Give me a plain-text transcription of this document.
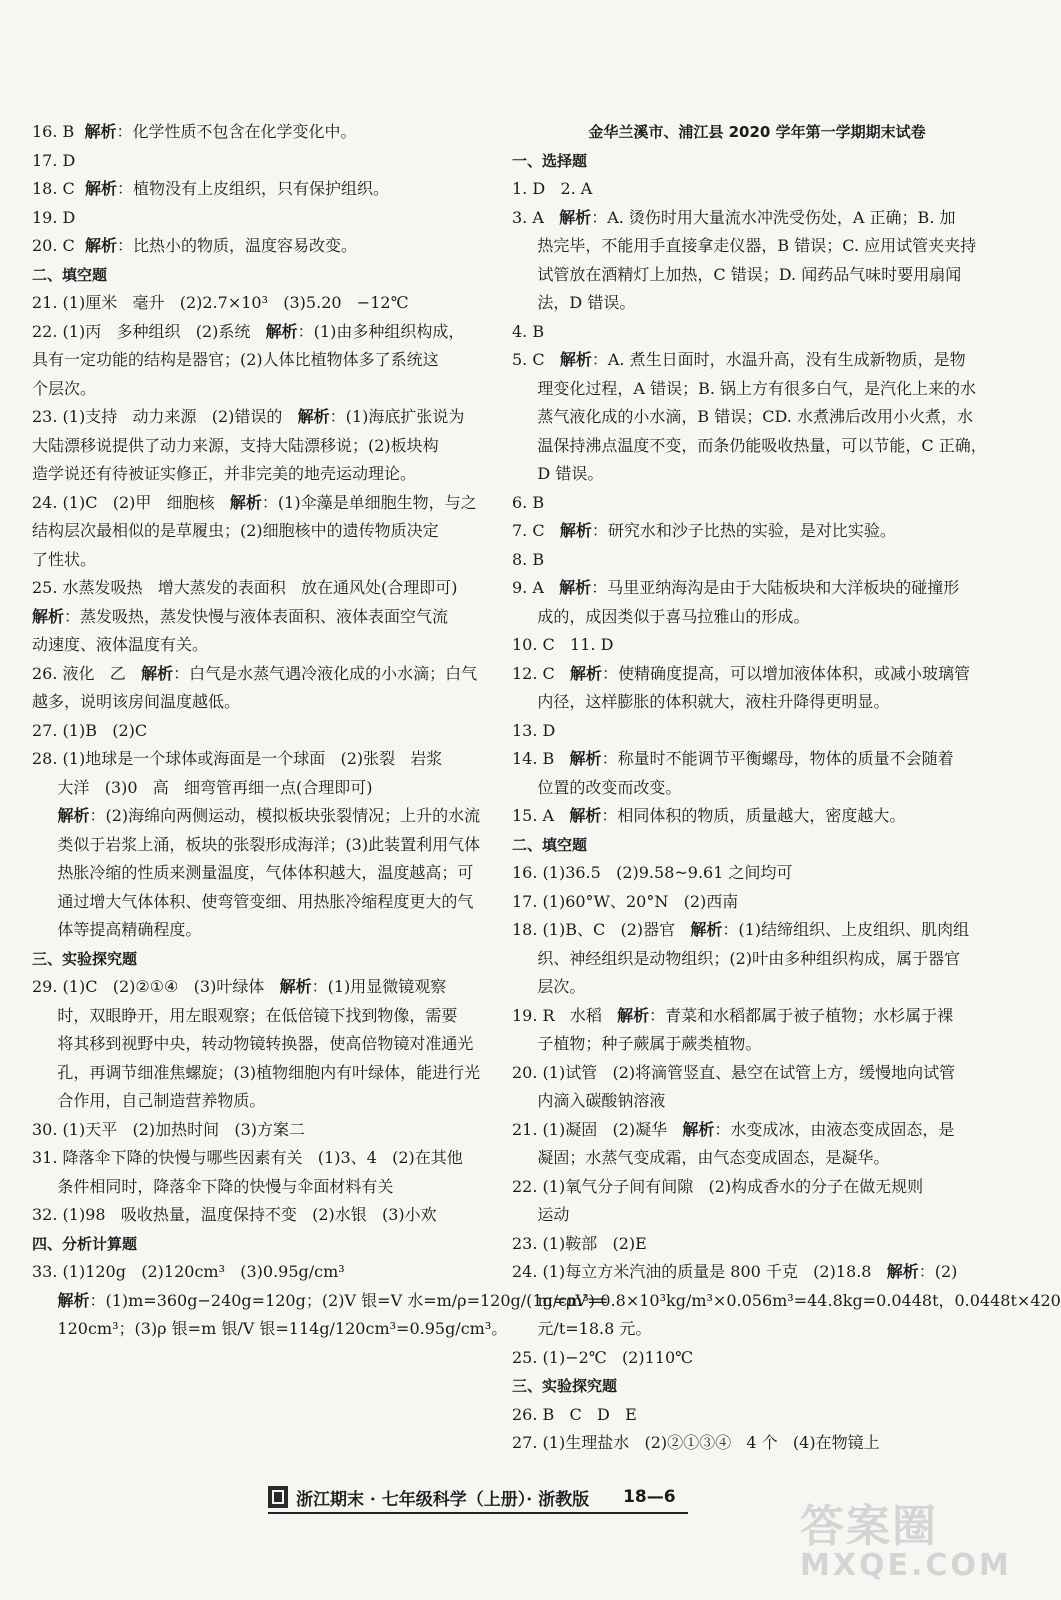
16. B  解析：化学性质不包含在化学变化中。
17. D
18. C  解析：植物没有上皮组织，只有保护组织。
19. D
20. C  解析：比热小的物质，温度容易改变。
二、填空题
21. (1)厘米   毫升   (2)2.7×10³   (3)5.20   −12℃
22. (1)丙   多种组织   (2)系统   解析：(1)由多种组织构成，
具有一定功能的结构是器官；(2)人体比植物体多了系统这
个层次。
23. (1)支持   动力来源   (2)错误的   解析：(1)海底扩张说为
大陆漂移说提供了动力来源，支持大陆漂移说；(2)板块构
造学说还有待被证实修正，并非完美的地壳运动理论。
24. (1)C   (2)甲   细胞核   解析：(1)伞藻是单细胞生物，与之
结构层次最相似的是草履虫；(2)细胞核中的遗传物质决定
了性状。
25. 水蒸发吸热   增大蒸发的表面积   放在通风处(合理即可)
解析：蒸发吸热，蒸发快慢与液体表面积、液体表面空气流
动速度、液体温度有关。
26. 液化   乙   解析：白气是水蒸气遇冷液化成的小水滴；白气
越多，说明该房间温度越低。
27. (1)B   (2)C
28. (1)地球是一个球体或海面是一个球面   (2)张裂   岩浆
大洋   (3)0   高   细弯管再细一点(合理即可)
解析：(2)海绵向两侧运动，模拟板块张裂情况；上升的水流
类似于岩浆上涌，板块的张裂形成海洋；(3)此装置利用气体
热胀冷缩的性质来测量温度，气体体积越大，温度越高；可
通过增大气体体积、使弯管变细、用热胀冷缩程度更大的气
体等提高精确程度。
三、实验探究题
29. (1)C   (2)②①④   (3)叶绿体   解析：(1)用显微镜观察
时，双眼睁开，用左眼观察；在低倍镜下找到物像，需要
将其移到视野中央，转动物镜转换器，使高倍物镜对准通光
孔，再调节细准焦螺旋；(3)植物细胞内有叶绿体，能进行光
合作用，自己制造营养物质。
30. (1)天平   (2)加热时间   (3)方案二
31. 降落伞下降的快慢与哪些因素有关   (1)3、4   (2)在其他
条件相同时，降落伞下降的快慢与伞面材料有关
32. (1)98   吸收热量，温度保持不变   (2)水银   (3)小欢
四、分析计算题
33. (1)120g   (2)120cm³   (3)0.95g/cm³
解析：(1)m=360g−240g=120g；(2)V 银=V 水=m/ρ=120g/(1g/cm³)=
120cm³；(3)ρ 银=m 银/V 银=114g/120cm³=0.95g/cm³。
金华兰溪市、浦江县 2020 学年第一学期期末试卷
一、选择题
1. D   2. A
3. A   解析：A. 烫伤时用大量流水冲洗受伤处，A 正确；B. 加
热完毕，不能用手直接拿走仪器，B 错误；C. 应用试管夹夹持
试管放在酒精灯上加热，C 错误；D. 闻药品气味时要用扇闻
法，D 错误。
4. B
5. C   解析：A. 煮生日面时，水温升高，没有生成新物质，是物
理变化过程，A 错误；B. 锅上方有很多白气，是汽化上来的水
蒸气液化成的小水滴，B 错误；CD. 水煮沸后改用小火煮，水
温保持沸点温度不变，而条仍能吸收热量，可以节能，C 正确，
D 错误。
6. B
7. C   解析：研究水和沙子比热的实验，是对比实验。
8. B
9. A   解析：马里亚纳海沟是由于大陆板块和大洋板块的碰撞形
成的，成因类似于喜马拉雅山的形成。
10. C   11. D
12. C   解析：使精确度提高，可以增加液体体积，或减小玻璃管
内径，这样膨胀的体积就大，液柱升降得更明显。
13. D
14. B   解析：称量时不能调节平衡螺母，物体的质量不会随着
位置的改变而改变。
15. A   解析：相同体积的物质，质量越大，密度越大。
二、填空题
16. (1)36.5   (2)9.58~9.61 之间均可
17. (1)60°W、20°N   (2)西南
18. (1)B、C   (2)器官   解析：(1)结缔组织、上皮组织、肌肉组
织、神经组织是动物组织；(2)叶由多种组织构成，属于器官
层次。
19. R   水稻   解析：青菜和水稻都属于被子植物；水杉属于裸
子植物；种子蕨属于蕨类植物。
20. (1)试管   (2)将滴管竖直、悬空在试管上方，缓慢地向试管
内滴入碳酸钠溶液
21. (1)凝固   (2)凝华   解析：水变成冰，由液态变成固态，是
凝固；水蒸气变成霜，由气态变成固态，是凝华。
22. (1)氧气分子间有间隙   (2)构成香水的分子在做无规则
运动
23. (1)鞍部   (2)E
24. (1)每立方米汽油的质量是 800 千克   (2)18.8   解析：(2)
m=ρV=0.8×10³kg/m³×0.056m³=44.8kg=0.0448t，0.0448t×420
元/t=18.8 元。
25. (1)−2℃   (2)110℃
三、实验探究题
26. B   C   D   E
27. (1)生理盐水   (2)②①③④   4 个   (4)在物镜上
浙江期末 · 七年级科学（上册）· 浙教版 18—6
答案圈
MXQE.COM
